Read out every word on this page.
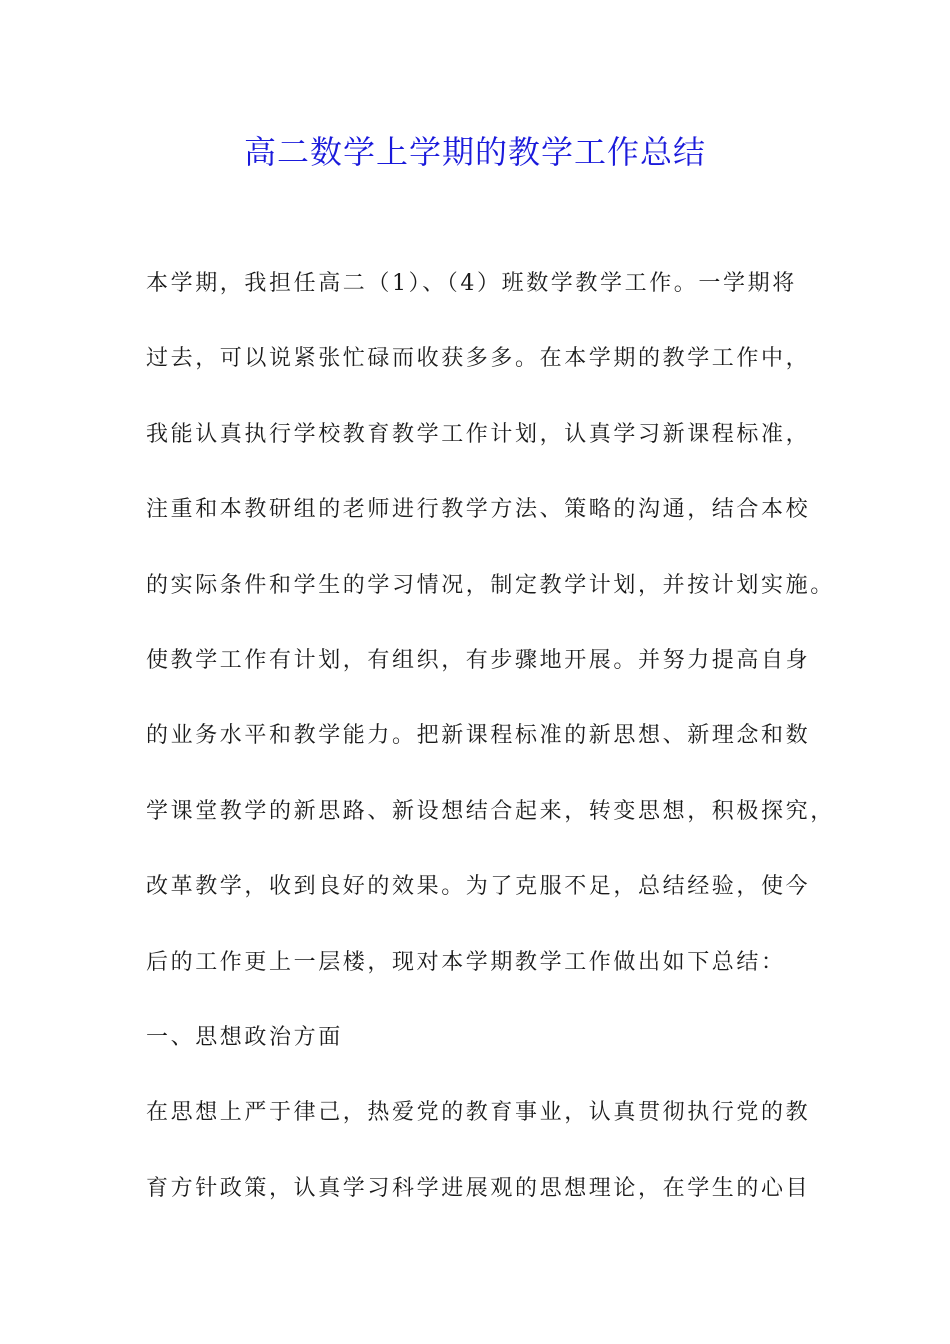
高二数学上学期的教学工作总结
本学期，我担任高二（1）、（4）班数学教学工作。一学期将
过去，可以说紧张忙碌而收获多多。在本学期的教学工作中，
我能认真执行学校教育教学工作计划，认真学习新课程标准，
注重和本教研组的老师进行教学方法、策略的沟通，结合本校
的实际条件和学生的学习情况，制定教学计划，并按计划实施。
使教学工作有计划，有组织，有步骤地开展。并努力提高自身
的业务水平和教学能力。把新课程标准的新思想、新理念和数
学课堂教学的新思路、新设想结合起来，转变思想，积极探究，
改革教学，收到良好的效果。为了克服不足，总结经验，使今
后的工作更上一层楼，现对本学期教学工作做出如下总结：
一、思想政治方面
在思想上严于律己，热爱党的教育事业，认真贯彻执行党的教
育方针政策，认真学习科学进展观的思想理论，在学生的心目
